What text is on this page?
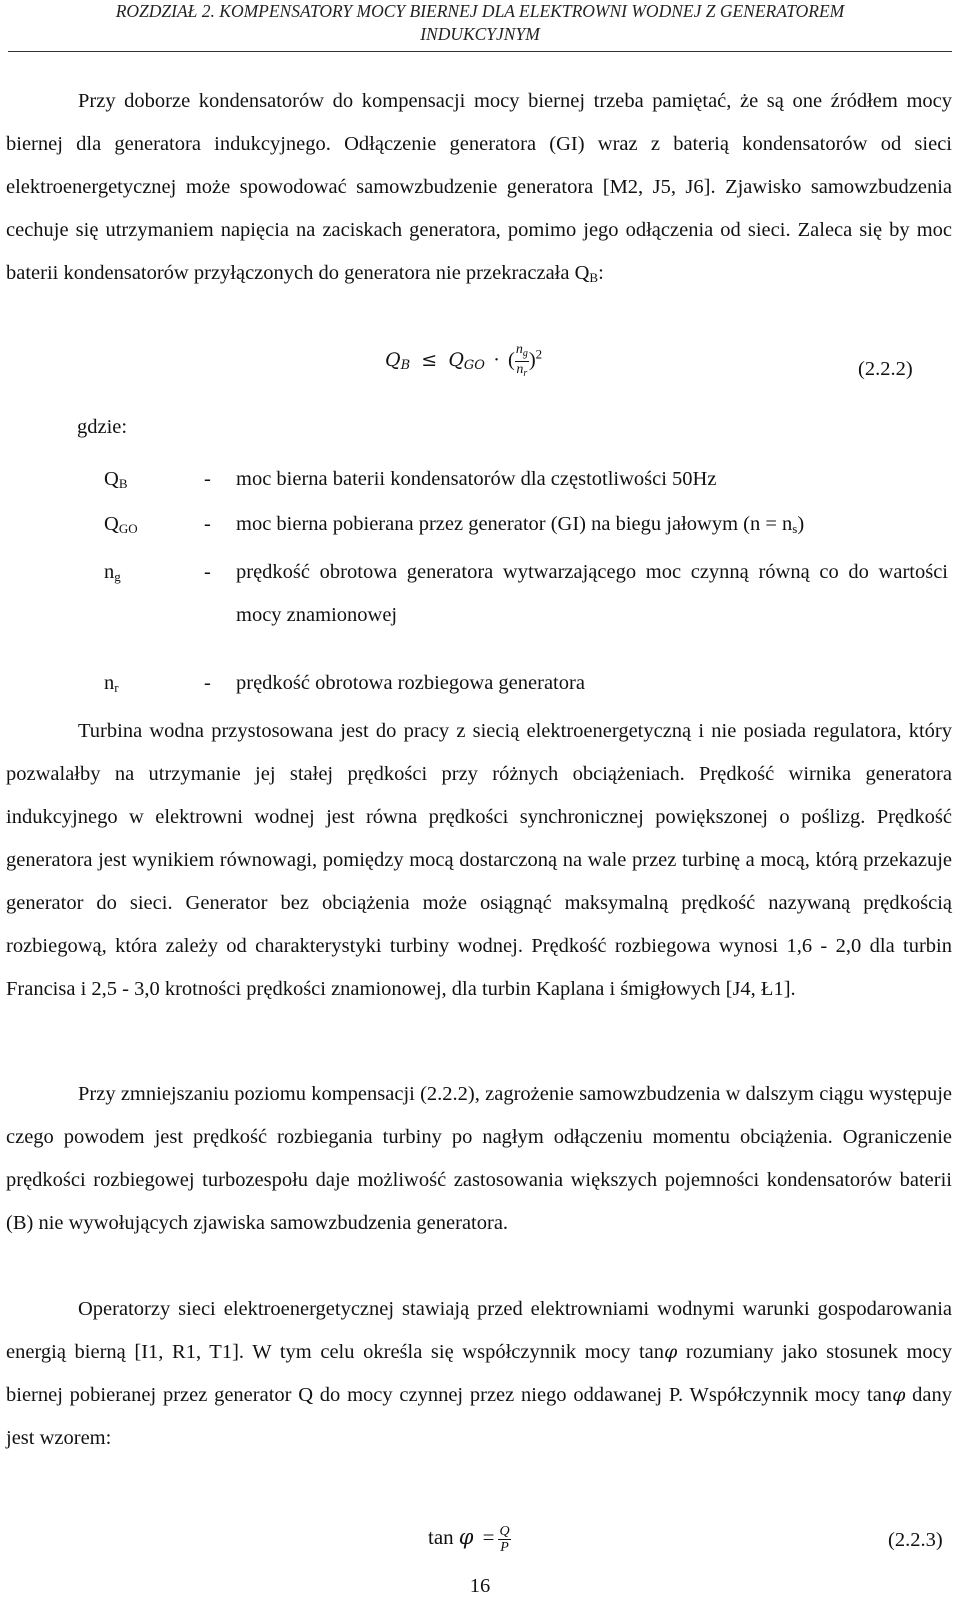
ROZDZIAŁ 2. KOMPENSATORY MOCY BIERNEJ DLA ELEKTROWNI WODNEJ Z GENERATOREM
INDUKCYJNYM

Przy doborze kondensatorów do kompensacji mocy biernej trzeba pamiętać, że są one źródłem mocy biernej dla generatora indukcyjnego. Odłączenie generatora (GI) wraz z baterią kondensatorów od sieci elektroenergetycznej może spowodować samowzbudzenie generatora [M2, J5, J6]. Zjawisko samowzbudzenia cechuje się utrzymaniem napięcia na zaciskach generatora, pomimo jego odłączenia od sieci. Zaleca się by moc baterii kondensatorów przyłączonych do generatora nie przekraczała $Q_B$:

$Q_B \le Q_{GO}$ · ( $\frac{n_g}{n_r} )^2$
(2.2.2)
gdzie:
$Q_B$	- moc bierna baterii kondensatorów dla częstotliwości 50Hz
$Q_{GO}$	- moc bierna pobierana przez generator (GI) na biegu jałowym $(n = n_s)$
$n_g$	- prędkość obrotowa generatora wytwarzającego moc czynną równą co do wartości mocy znamionowej
$n_r$	- prędkość obrotowa rozbiegowa generatora

Turbina wodna przystosowana jest do pracy z siecią elektroenergetyczną i nie posiada regulatora, który pozwalałby na utrzymanie jej stałej prędkości przy różnych obciążeniach. Prędkość wirnika generatora indukcyjnego w elektrowni wodnej jest równa prędkości synchronicznej powiększonej o poślizg. Prędkość generatora jest wynikiem równowagi, pomiędzy mocą dostarczoną na wale przez turbinę a mocą, którą przekazuje generator do sieci. Generator bez obciążenia może osiągnąć maksymalną prędkość nazywaną prędkością rozbiegową, która zależy od charakterystyki turbiny wodnej. Prędkość rozbiegowa wynosi 1,6 - 2,0 dla turbin Francisa i 2,5 - 3,0 krotności prędkości znamionowej, dla turbin Kaplana i śmigłowych [J4, Ł1].

Przy zmniejszaniu poziomu kompensacji (2.2.2), zagrożenie samowzbudzenia w dalszym ciągu występuje czego powodem jest prędkość rozbiegania turbiny po nagłym odłączeniu momentu obciążenia. Ograniczenie prędkości rozbiegowej turbozespołu daje możliwość zastosowania większych pojemności kondensatorów baterii (B) nie wywołujących zjawiska samowzbudzenia generatora.

Operatorzy sieci elektroenergetycznej stawiają przed elektrowniami wodnymi warunki gospodarowania energią bierną [I1, R1, T1]. W tym celu określa się współczynnik mocy tanφ rozumiany jako stosunek mocy biernej pobieranej przez generator Q do mocy czynnej przez niego oddawanej P. Współczynnik mocy tanφ dany jest wzorem:

$\tan \varphi = \frac{Q}{P}$	(2.2.3)
16
